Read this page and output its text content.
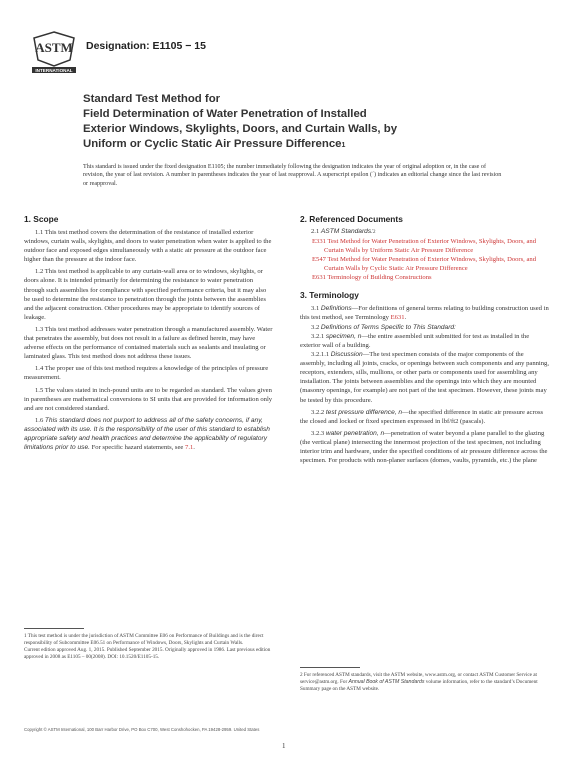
ASTM
INTERNATIONAL
Designation: E1105 − 15
Standard Test Method for
Field Determination of Water Penetration of Installed
Exterior Windows, Skylights, Doors, and Curtain Walls, by
Uniform or Cyclic Static Air Pressure Difference1
This standard is issued under the fixed designation E1105; the number immediately following the designation indicates the year of original adoption or, in the case of revision, the year of last revision. A number in parentheses indicates the year of last reapproval. A superscript epsilon (´) indicates an editorial change since the last revision or reapproval.
1. Scope

1.1 This test method covers the determination of the resistance of installed exterior windows, curtain walls, skylights, and doors to water penetration when water is applied to the outdoor face and exposed edges simultaneously with a static air pressure at the outdoor face higher than the pressure at the indoor face.

1.2 This test method is applicable to any curtain-wall area or to windows, skylights, or doors alone. It is intended primarily for determining the resistance to water penetration through such assemblies for compliance with specified performance criteria, but it may also be used to determine the resistance to penetration through the joints between the assemblies and the adjacent construction. Other procedures may be appropriate to identify sources of leakage.

1.3 This test method addresses water penetration through a manufactured assembly. Water that penetrates the assembly, but does not result in a failure as defined herein, may have adverse effects on the performance of contained materials such as sealants and insulating or laminated glass. This test method does not address these issues.

1.4 The proper use of this test method requires a knowledge of the principles of pressure measurement.

1.5 The values stated in inch-pound units are to be regarded as standard. The values given in parentheses are mathematical conversions to SI units that are provided for information only and are not considered standard.

1.6 This standard does not purport to address all of the safety concerns, if any, associated with its use. It is the responsibility of the user of this standard to establish appropriate safety and health practices and determine the applicability of regulatory limitations prior to use. For specific hazard statements, see 7.1.

1 This test method is under the jurisdiction of ASTM Committee E06 on Performance of Buildings and is the direct responsibility of Subcommittee E06.51 on Performance of Windows, Doors, Skylights and Curtain Walls.

Current edition approved Aug. 1, 2015. Published September 2015. Originally approved in 1986. Last previous edition approved in 2008 as E1105 – 00(2008). DOI: 10.1520/E1105-15.

2. Referenced Documents

2.1 ASTM Standards:2

E331 Test Method for Water Penetration of Exterior Windows, Skylights, Doors, and Curtain Walls by Uniform Static Air Pressure Difference

E547 Test Method for Water Penetration of Exterior Windows, Skylights, Doors, and Curtain Walls by Cyclic Static Air Pressure Difference

E631 Terminology of Building Constructions

3. Terminology

3.1 Definitions—For definitions of general terms relating to building construction used in this test method, see Terminology E631.

3.2 Definitions of Terms Specific to This Standard:

3.2.1 specimen, n—the entire assembled unit submitted for test as installed in the exterior wall of a building.

3.2.1.1 Discussion—The test specimen consists of the major components of the assembly, including all joints, cracks, or openings between such components and any panning, receptors, extenders, sills, mullions, or other parts or components used for assembling any installation. The joints between assemblies and the openings into which they are mounted (masonry openings, for example) are not part of the test specimen. However, these joints may be tested by this procedure.

3.2.2 test pressure difference, n—the specified difference in static air pressure across the closed and locked or fixed specimen expressed in lbf/ft2 (pascals).

3.2.3 water penetration, n—penetration of water beyond a plane parallel to the glazing (the vertical plane) intersecting the innermost projection of the test specimen, not including interior trim and hardware, under the specified conditions of air pressure difference across the specimen. For products with non-planer surfaces (domes, vaults, pyramids, etc.) the plane

2 For referenced ASTM standards, visit the ASTM website, www.astm.org, or contact ASTM Customer Service at service@astm.org. For Annual Book of ASTM Standards volume information, refer to the standard’s Document Summary page on the ASTM website.

Copyright © ASTM International, 100 Barr Harbor Drive, PO Box C700, West Conshohocken, PA 19428-2959. United States
1
